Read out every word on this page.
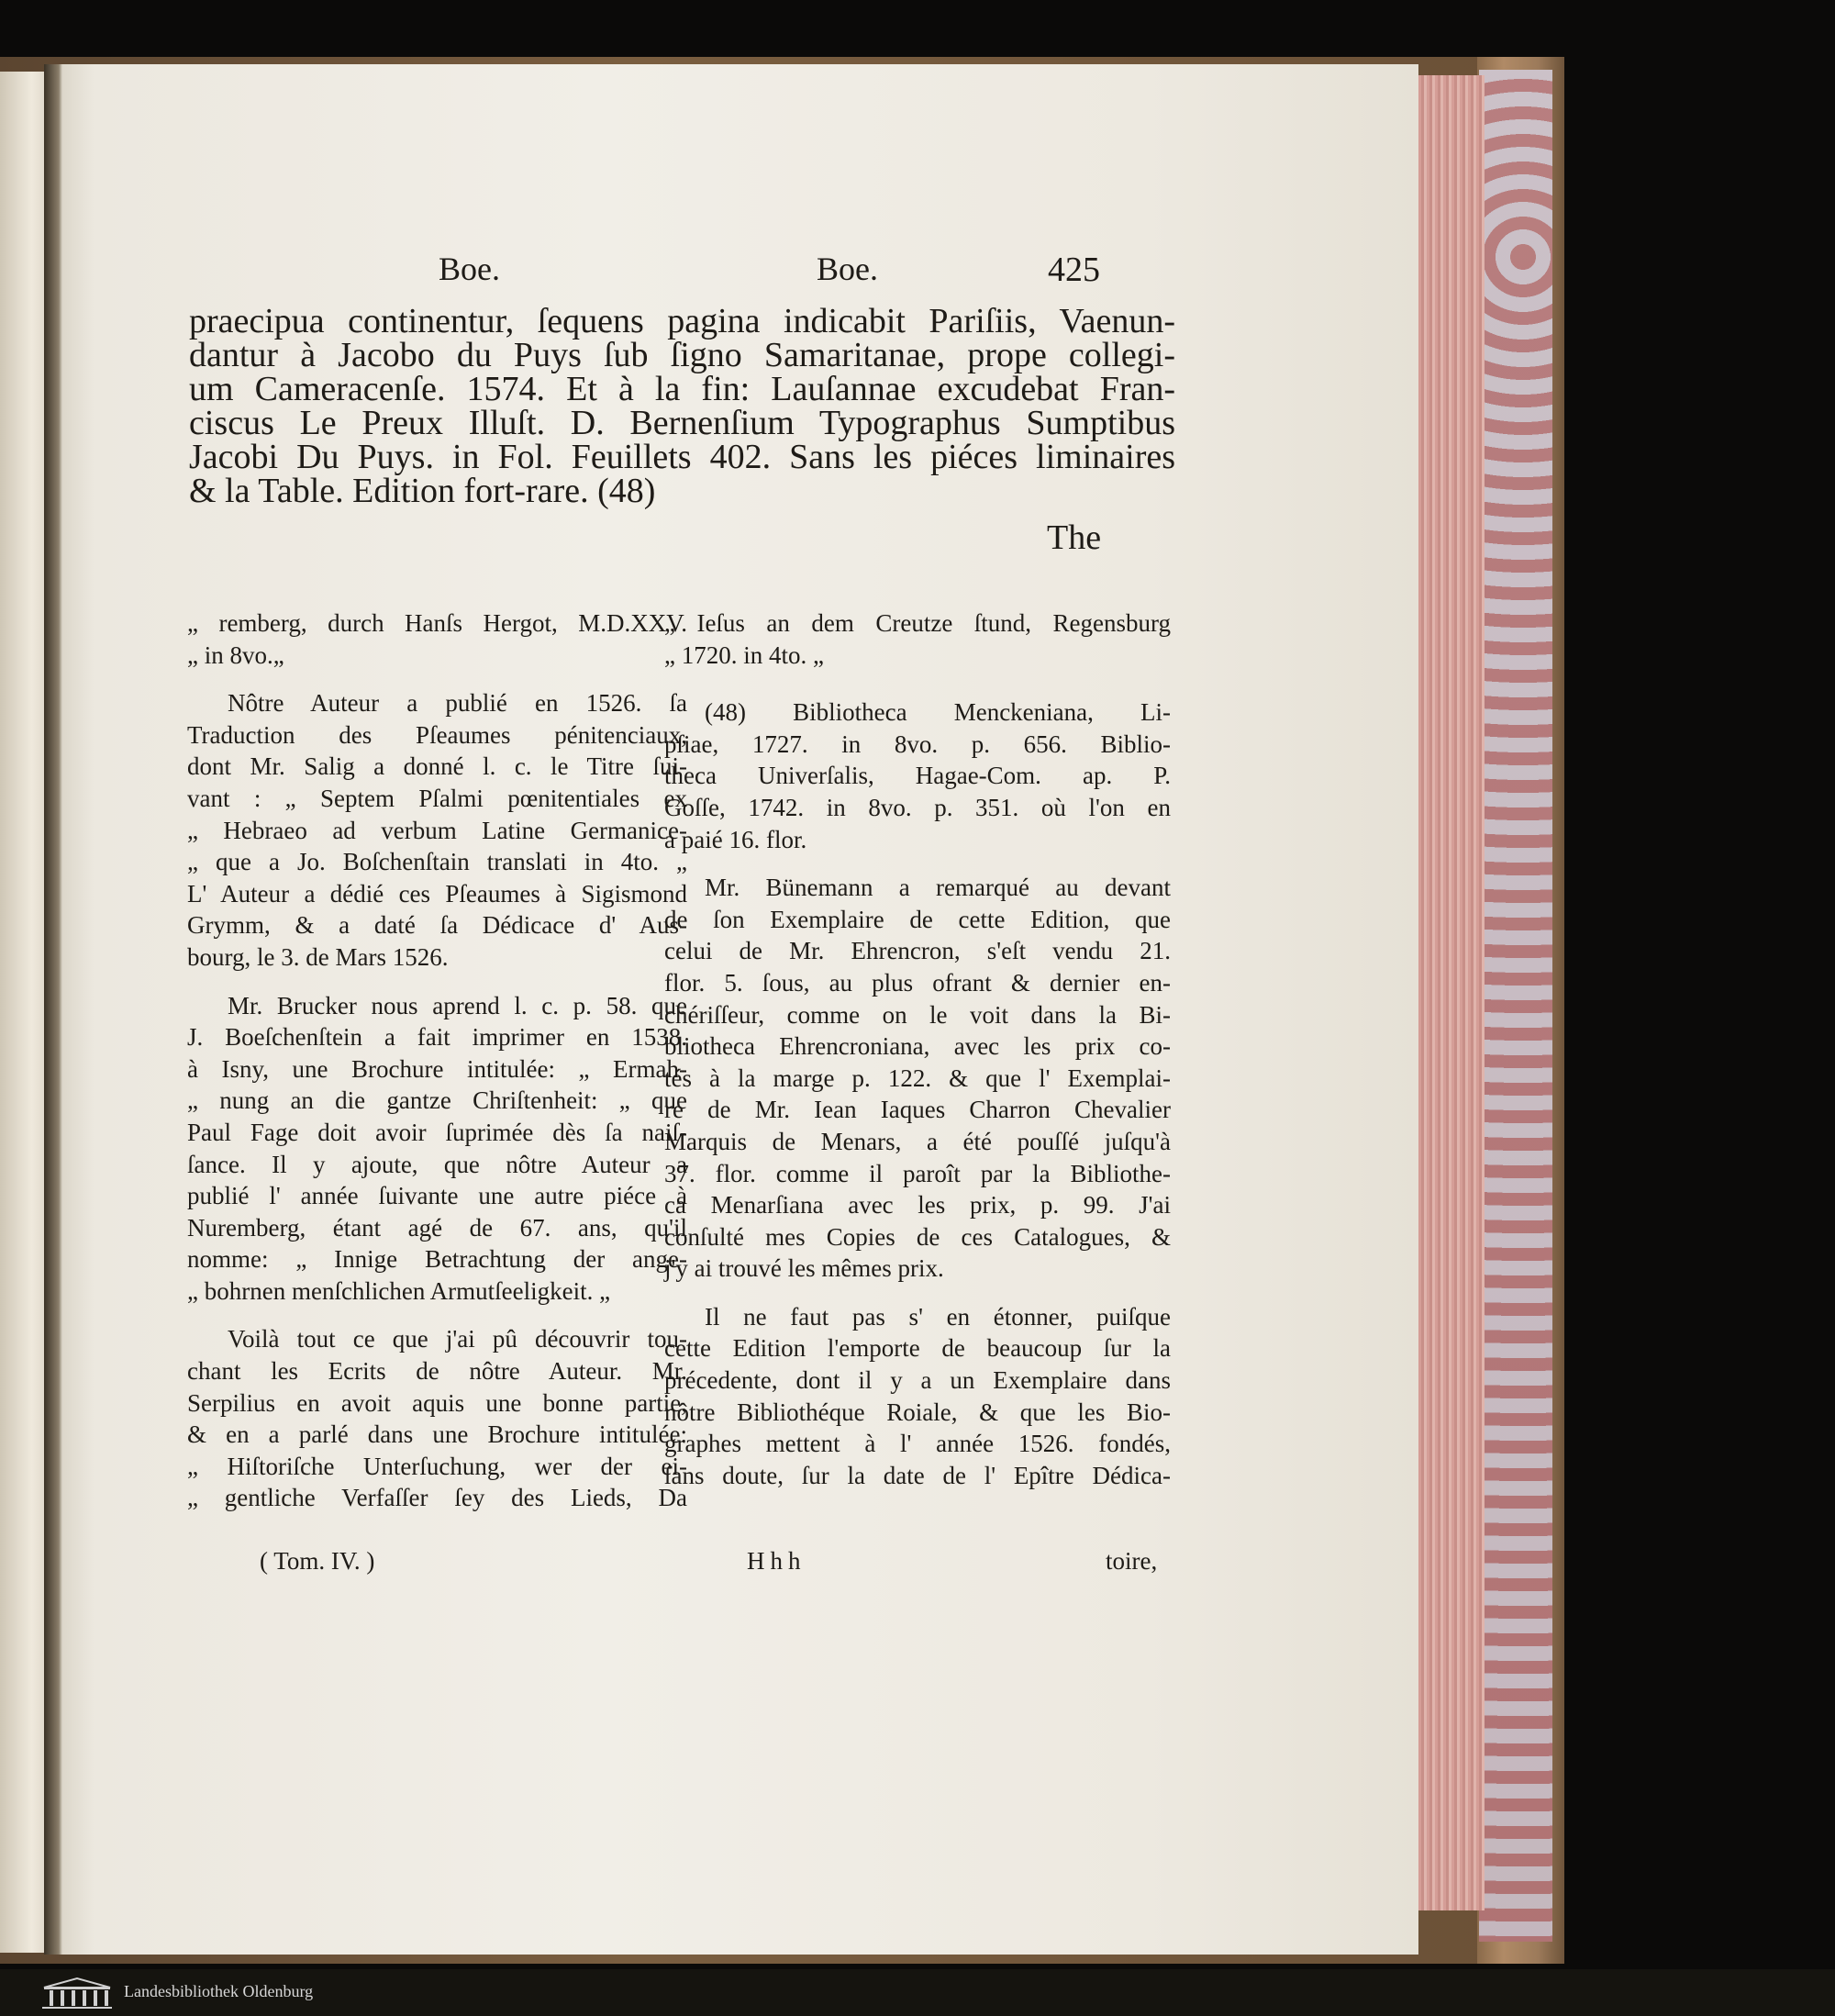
Boe.	Boe.	425
praecipua continentur, ſequens pagina indicabit Pariſiis, Vaenun-
dantur à Jacobo du Puys ſub ſigno Samaritanae, prope collegi-
um Cameracenſe. 1574. Et à la fin: Lauſannae excudebat Fran-
ciscus Le Preux Illuſt. D. Bernenſium Typographus Sumptibus
Jacobi Du Puys. in Fol. Feuillets 402. Sans les piéces liminaires
& la Table. Edition fort-rare. (48)
The

„ remberg, durch Hanſs Hergot, M.D.XXV.
„ in 8vo.„

Nôtre Auteur a publié en 1526. ſa
Traduction des Pſeaumes pénitenciaux,
dont Mr. Salig a donné l. c. le Titre ſui-
vant : „ Septem Pſalmi pœnitentiales ex
„ Hebraeo ad verbum Latine Germanice-
„ que a Jo. Boſchenſtain translati in 4to. „
L' Auteur a dédié ces Pſeaumes à Sigismond
Grymm, & a daté ſa Dédicace d' Aus-
bourg, le 3. de Mars 1526.

Mr. Brucker nous aprend l. c. p. 58. que
J. Boeſchenſtein a fait imprimer en 1538.
à Isny, une Brochure intitulée: „ Ermah-
„ nung an die gantze Chriſtenheit: „ que
Paul Fage doit avoir ſuprimée dès ſa naiſ-
ſance. Il y ajoute, que nôtre Auteur a
publié l' année ſuivante une autre piéce à
Nuremberg, étant agé de 67. ans, qu'il
nomme: „ Innige Betrachtung der ange-
„ bohrnen menſchlichen Armutſeeligkeit. „

Voilà tout ce que j'ai pû découvrir tou-
chant les Ecrits de nôtre Auteur. Mr.
Serpilius en avoit aquis une bonne partie,
& en a parlé dans une Brochure intitulée:
„ Hiſtoriſche Unterſuchung, wer der ei-
„ gentliche Verfaſſer ſey des Lieds, Da

„ Ieſus an dem Creutze ſtund, Regensburg
„ 1720. in 4to. „

(48) Bibliotheca Menckeniana, Li-
pſiae, 1727. in 8vo. p. 656. Biblio-
theca Univerſalis, Hagae-Com. ap. P.
Goſſe, 1742. in 8vo. p. 351. où l'on en
a paié 16. flor.

Mr. Bünemann a remarqué au devant
de ſon Exemplaire de cette Edition, que
celui de Mr. Ehrencron, s'eſt vendu 21.
flor. 5. ſous, au plus ofrant & dernier en-
chériſſeur, comme on le voit dans la Bi-
bliotheca Ehrencroniana, avec les prix co-
tés à la marge p. 122. & que l' Exemplai-
re de Mr. Iean Iaques Charron Chevalier
Marquis de Menars, a été pouſſé juſqu'à
37. flor. comme il paroît par la Bibliothe-
ca Menarſiana avec les prix, p. 99. J'ai
conſulté mes Copies de ces Catalogues, &
j'y ai trouvé les mêmes prix.

Il ne faut pas s' en étonner, puiſque
cette Edition l'emporte de beaucoup ſur la
précedente, dont il y a un Exemplaire dans
nôtre Bibliothéque Roiale, & que les Bio-
graphes mettent à l' année 1526. fondés,
ſans doute, ſur la date de l' Epître Dédica-

( Tom. IV. )	Hhh	toire,
Landesbibliothek Oldenburg
